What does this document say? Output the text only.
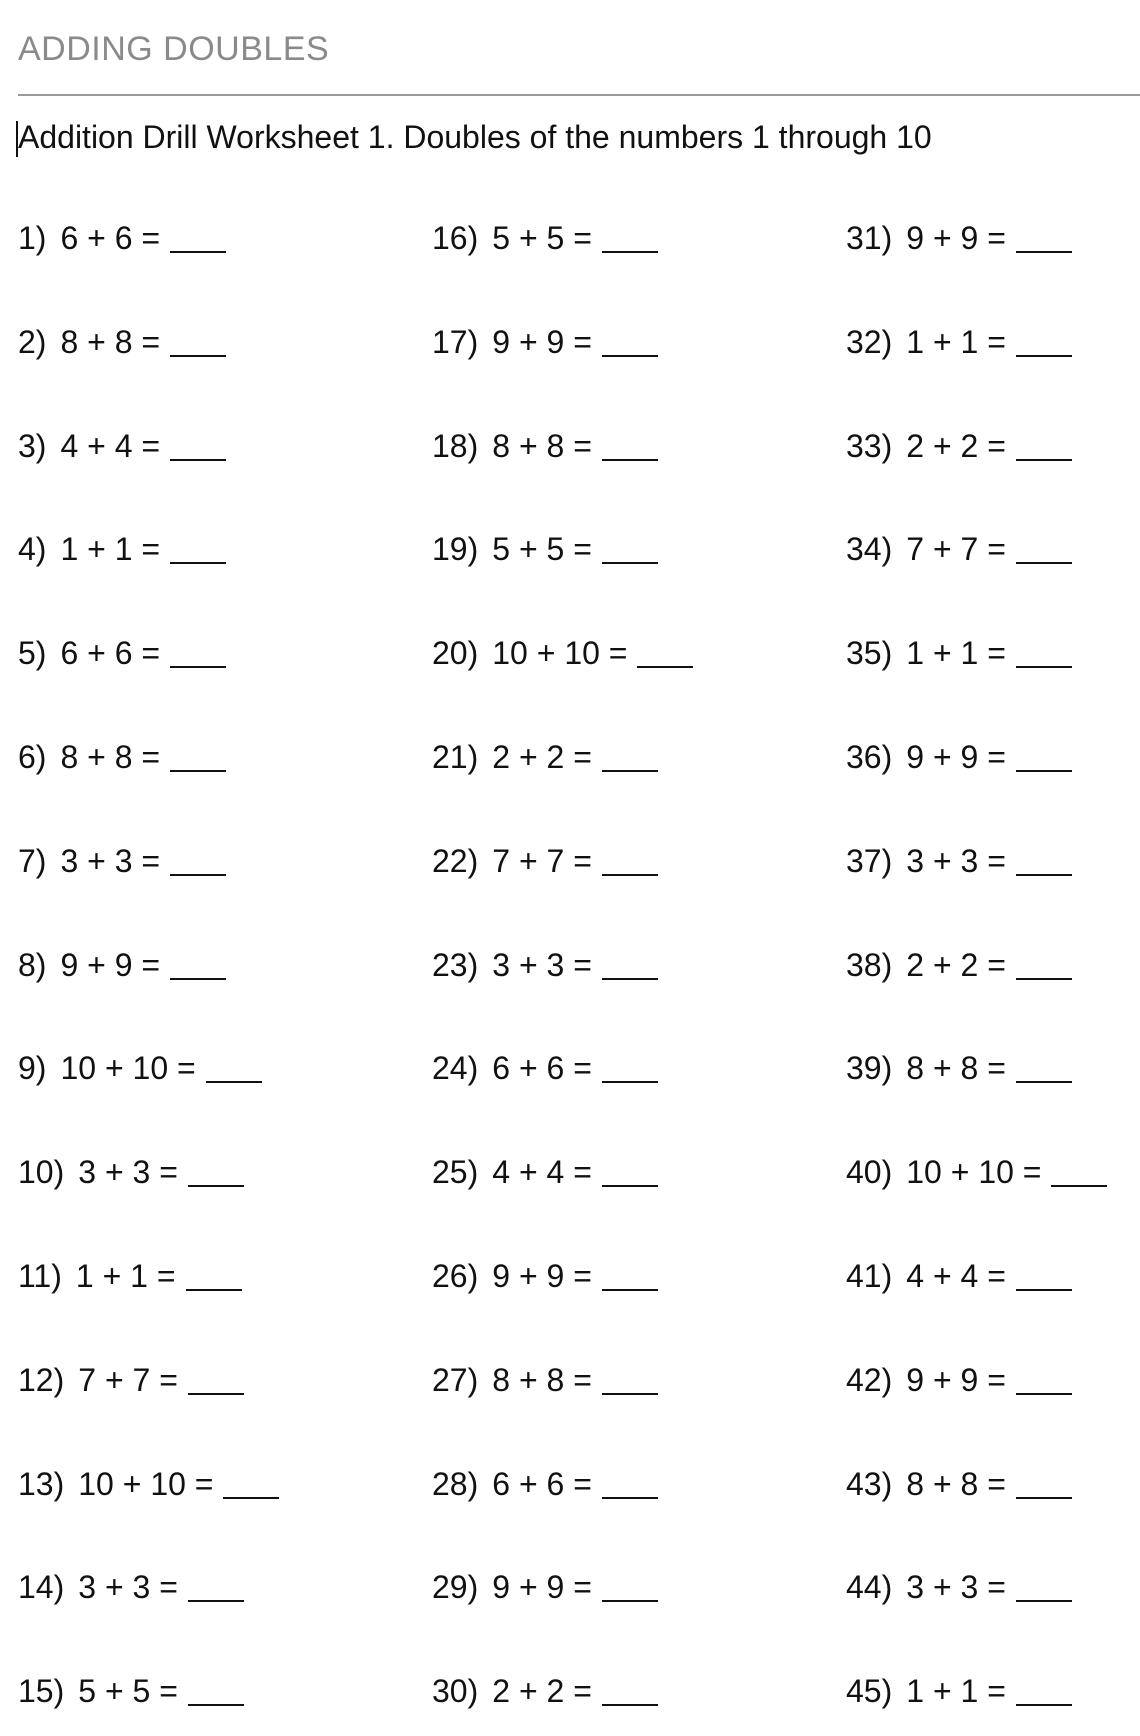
ADDING DOUBLES
Addition Drill Worksheet 1. Doubles of the numbers 1 through 10
1) 6 + 6 =
2) 8 + 8 =
3) 4 + 4 =
4) 1 + 1 =
5) 6 + 6 =
6) 8 + 8 =
7) 3 + 3 =
8) 9 + 9 =
9) 10 + 10 =
10) 3 + 3 =
11) 1 + 1 =
12) 7 + 7 =
13) 10 + 10 =
14) 3 + 3 =
15) 5 + 5 =
16) 5 + 5 =
17) 9 + 9 =
18) 8 + 8 =
19) 5 + 5 =
20) 10 + 10 =
21) 2 + 2 =
22) 7 + 7 =
23) 3 + 3 =
24) 6 + 6 =
25) 4 + 4 =
26) 9 + 9 =
27) 8 + 8 =
28) 6 + 6 =
29) 9 + 9 =
30) 2 + 2 =
31) 9 + 9 =
32) 1 + 1 =
33) 2 + 2 =
34) 7 + 7 =
35) 1 + 1 =
36) 9 + 9 =
37) 3 + 3 =
38) 2 + 2 =
39) 8 + 8 =
40) 10 + 10 =
41) 4 + 4 =
42) 9 + 9 =
43) 8 + 8 =
44) 3 + 3 =
45) 1 + 1 =
